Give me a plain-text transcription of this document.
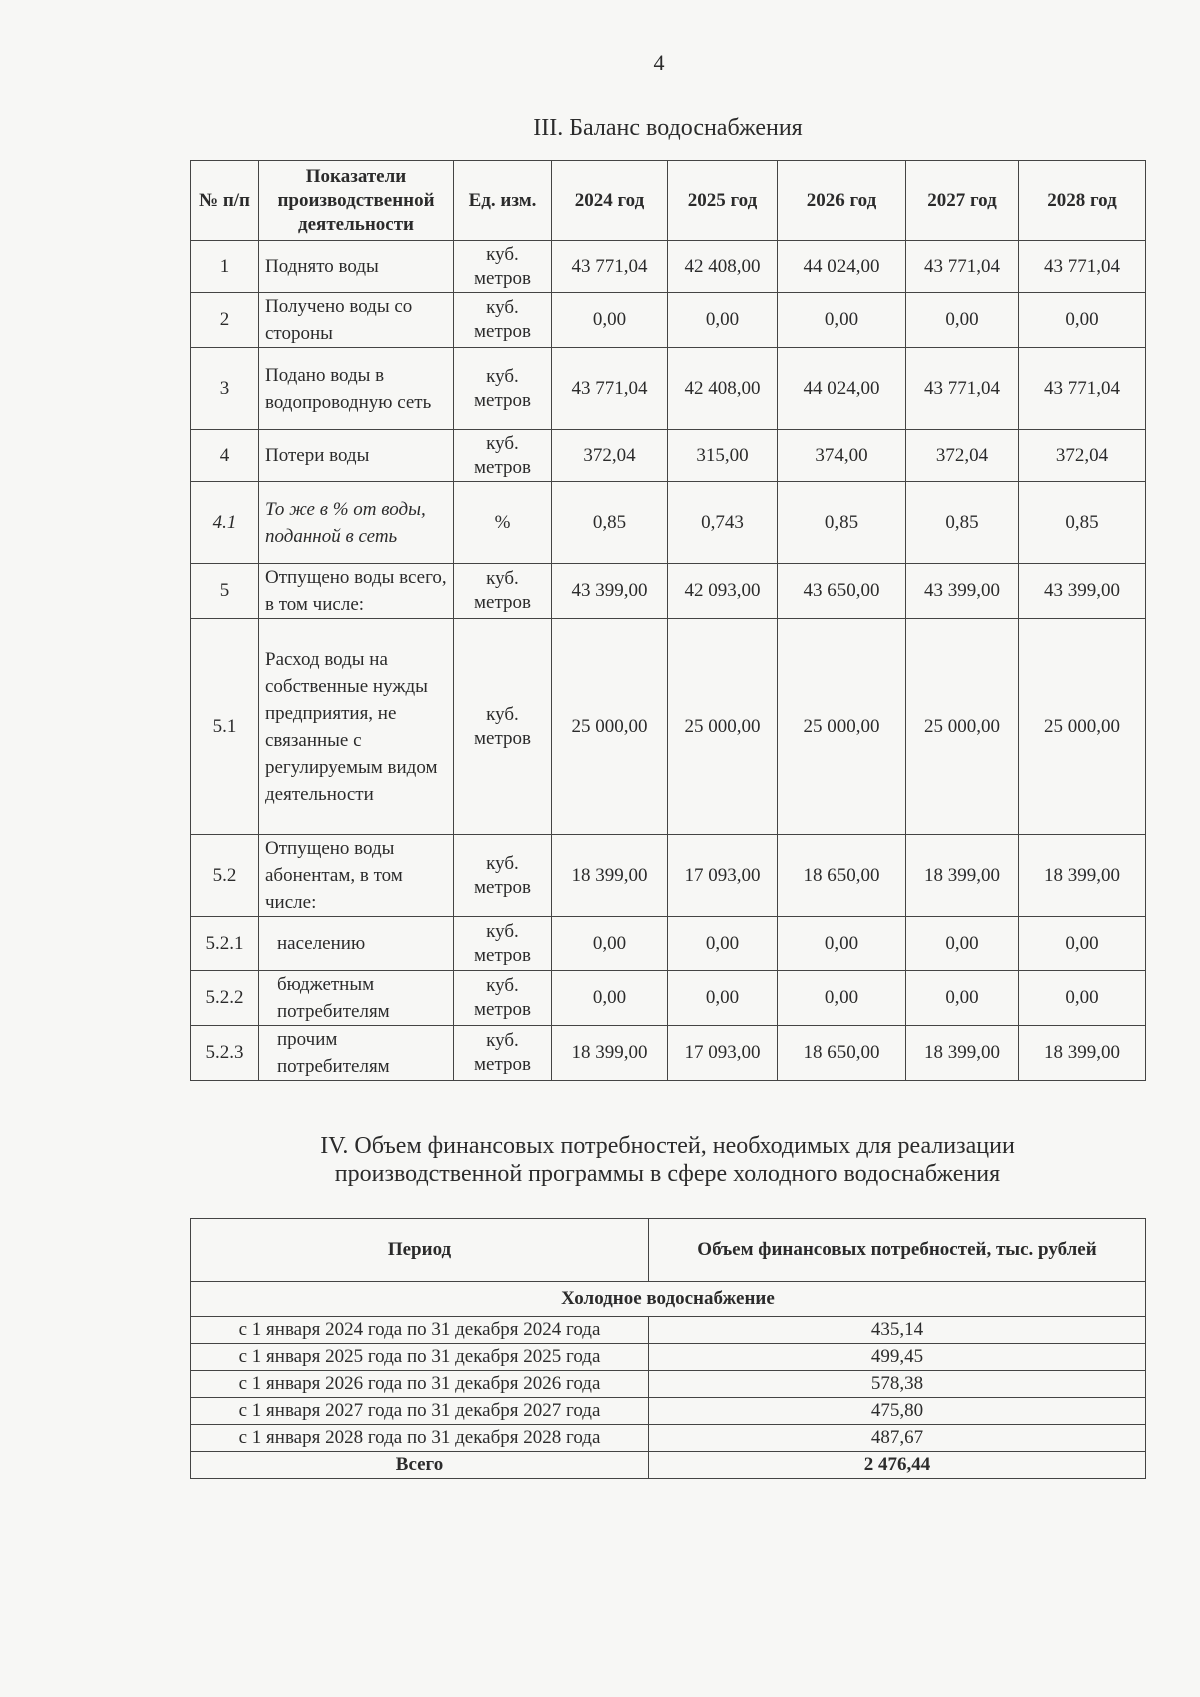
4
III. Баланс водоснабжения
№ п/п	Показатели производственной деятельности	Ед. изм.	2024 год	2025 год	2026 год	2027 год	2028 год
1	Поднято воды	куб. метров	43 771,04	42 408,00	44 024,00	43 771,04	43 771,04
2	Получено воды со стороны	куб. метров	0,00	0,00	0,00	0,00	0,00
3	Подано воды в водопроводную сеть	куб. метров	43 771,04	42 408,00	44 024,00	43 771,04	43 771,04
4	Потери воды	куб. метров	372,04	315,00	374,00	372,04	372,04
4.1	То же в % от воды, поданной в сеть	%	0,85	0,743	0,85	0,85	0,85
5	Отпущено воды всего, в том числе:	куб. метров	43 399,00	42 093,00	43 650,00	43 399,00	43 399,00
5.1	Расход воды на собственные нужды предприятия, не связанные с регулируемым видом деятельности	куб. метров	25 000,00	25 000,00	25 000,00	25 000,00	25 000,00
5.2	Отпущено воды абонентам, в том числе:	куб. метров	18 399,00	17 093,00	18 650,00	18 399,00	18 399,00
5.2.1	населению	куб. метров	0,00	0,00	0,00	0,00	0,00
5.2.2	бюджетным потребителям	куб. метров	0,00	0,00	0,00	0,00	0,00
5.2.3	прочим потребителям	куб. метров	18 399,00	17 093,00	18 650,00	18 399,00	18 399,00
IV. Объем финансовых потребностей, необходимых для реализации
производственной программы в сфере холодного водоснабжения
Период	Объем финансовых потребностей, тыс. рублей
Холодное водоснабжение	
с 1 января 2024 года по 31 декабря 2024 года	435,14
с 1 января 2025 года по 31 декабря 2025 года	499,45
с 1 января 2026 года по 31 декабря 2026 года	578,38
с 1 января 2027 года по 31 декабря 2027 года	475,80
с 1 января 2028 года по 31 декабря 2028 года	487,67
Всего	2 476,44
